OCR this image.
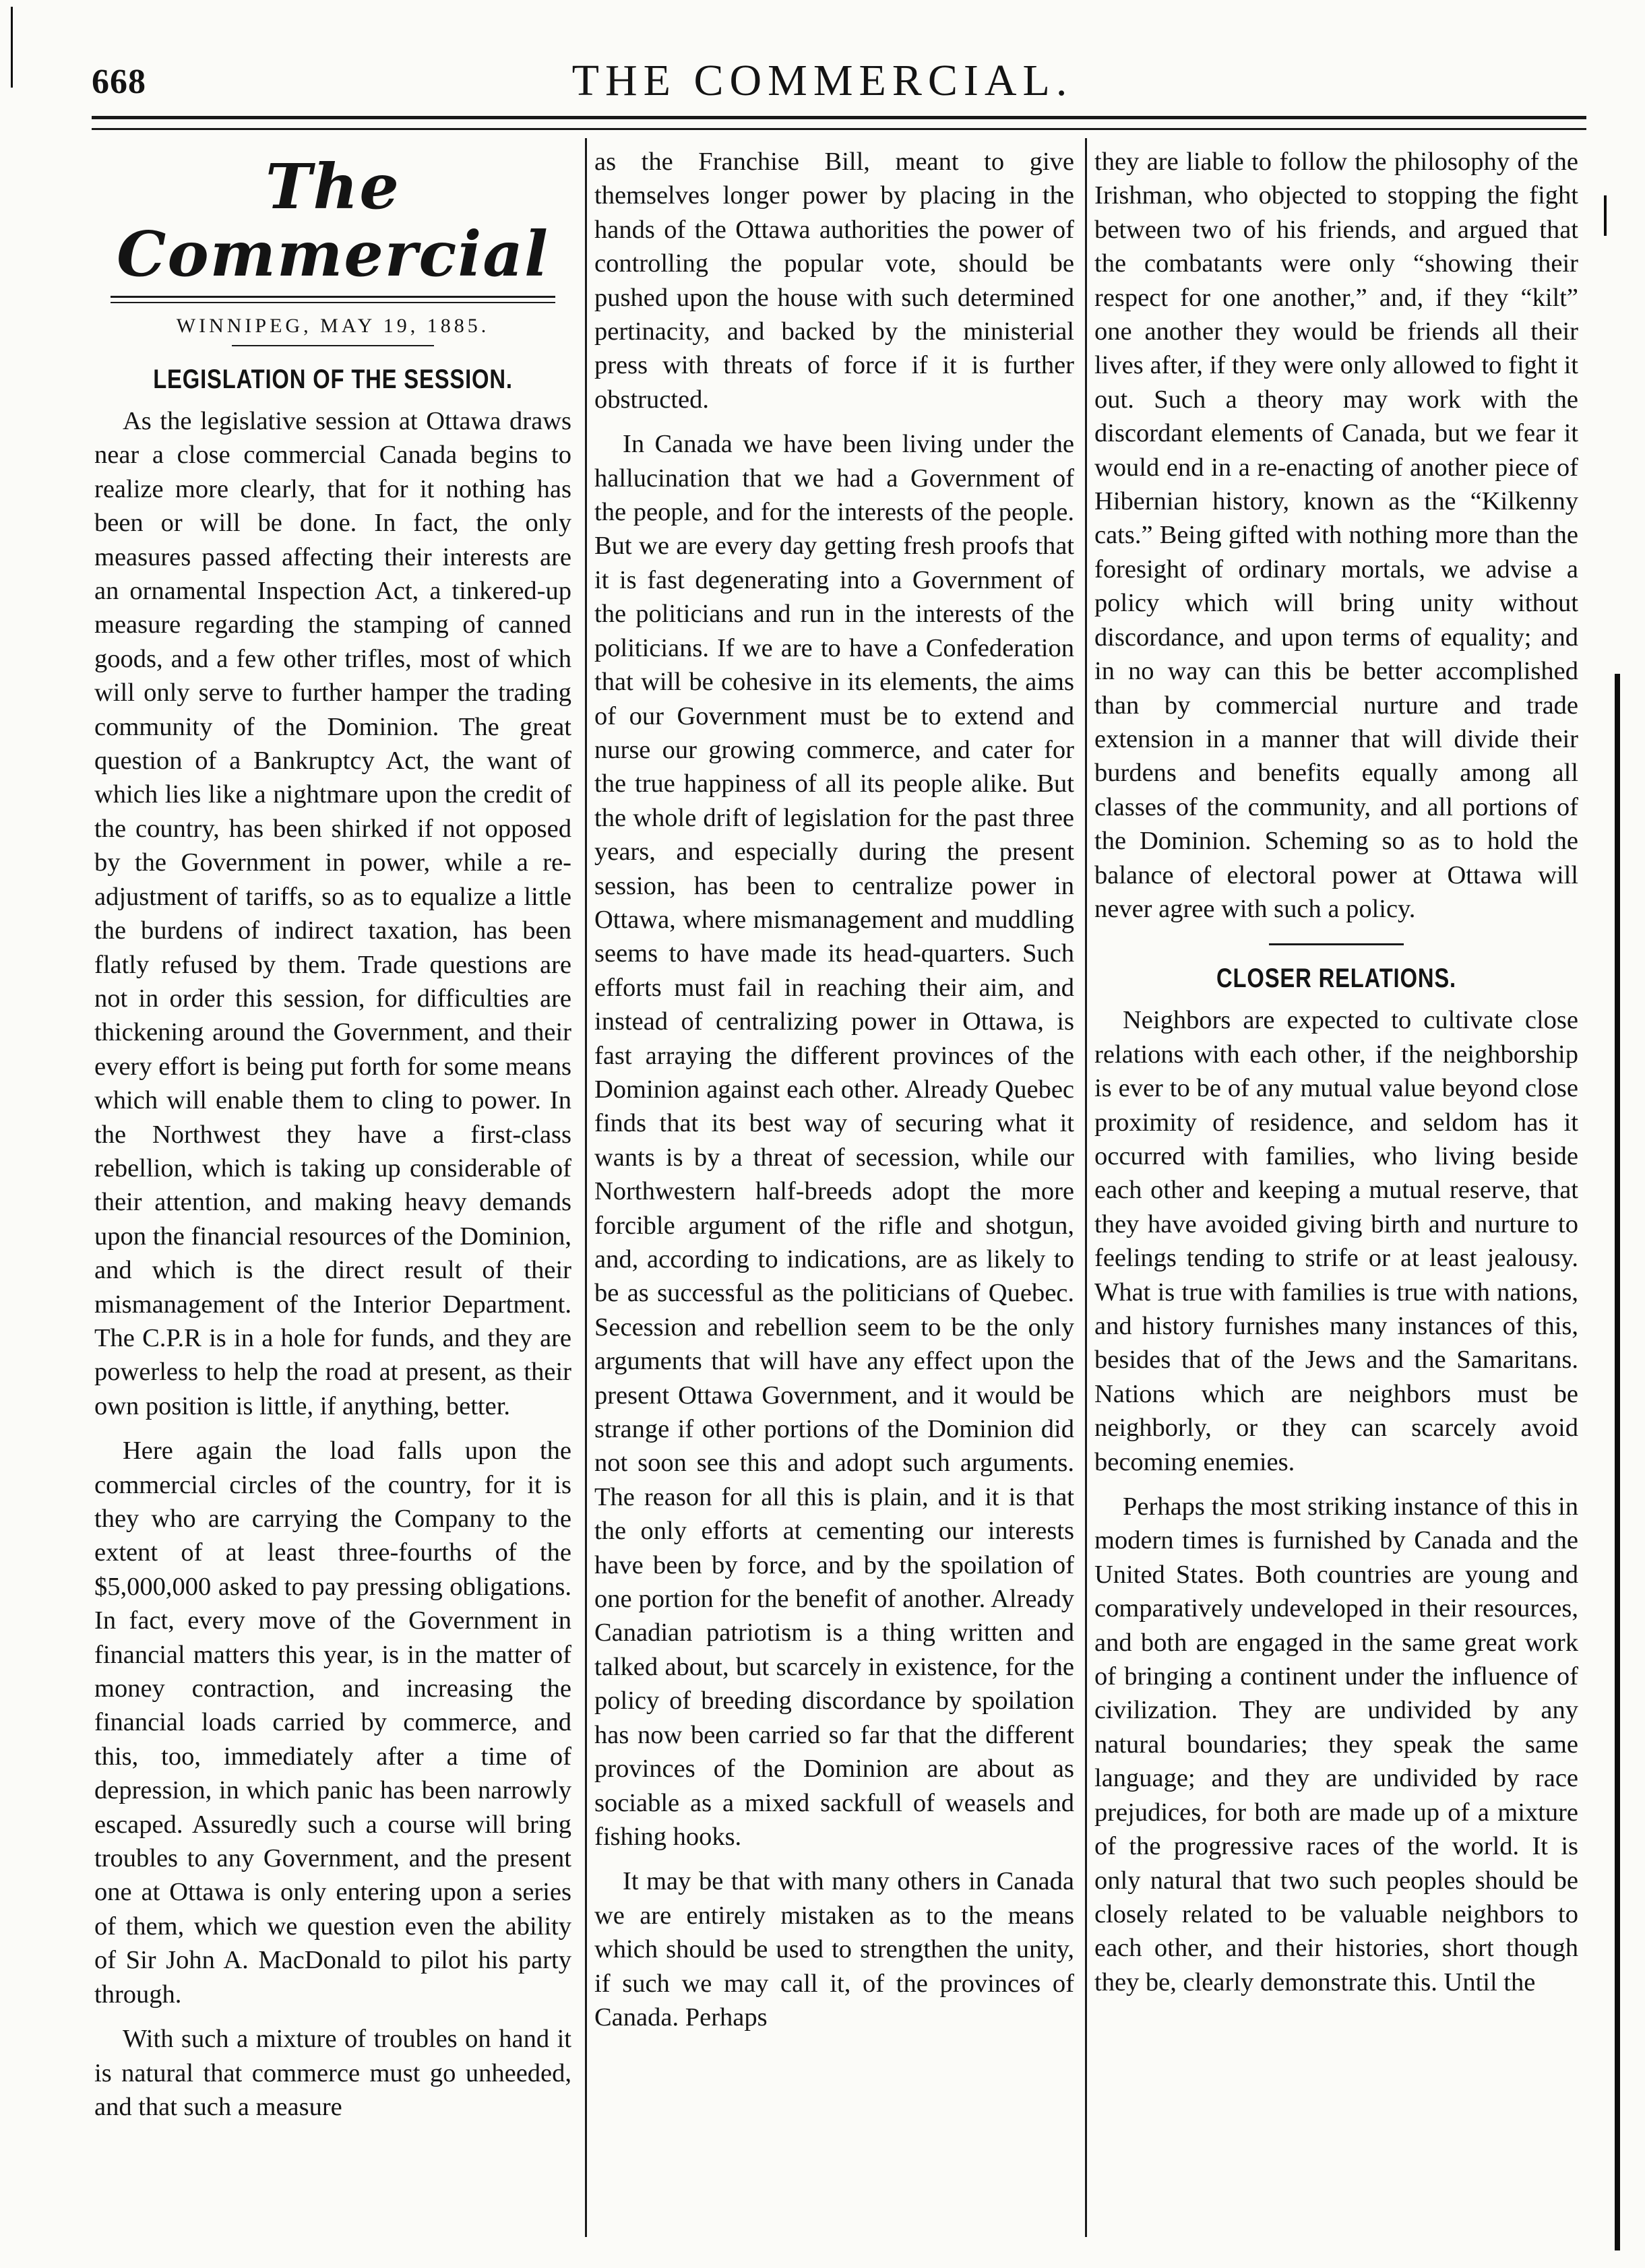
668	THE COMMERCIAL.
The Commercial
WINNIPEG, MAY 19, 1885.
LEGISLATION OF THE SESSION.

As the legislative session at Ottawa draws near a close commercial Canada begins to realize more clearly, that for it nothing has been or will be done. In fact, the only measures passed affecting their interests are an ornamental Inspection Act, a tinkered-up measure regarding the stamping of canned goods, and a few other trifles, most of which will only serve to further hamper the trading community of the Dominion. The great question of a Bankruptcy Act, the want of which lies like a nightmare upon the credit of the country, has been shirked if not opposed by the Government in power, while a re-adjustment of tariffs, so as to equalize a little the burdens of indirect taxation, has been flatly refused by them. Trade questions are not in order this session, for difficulties are thickening around the Government, and their every effort is being put forth for some means which will enable them to cling to power. In the Northwest they have a first-class rebellion, which is taking up considerable of their attention, and making heavy demands upon the financial resources of the Dominion, and which is the direct result of their mismanagement of the Interior Department. The C.P.R is in a hole for funds, and they are powerless to help the road at present, as their own position is little, if anything, better.

Here again the load falls upon the commercial circles of the country, for it is they who are carrying the Company to the extent of at least three-fourths of the $5,000,000 asked to pay pressing obligations. In fact, every move of the Government in financial matters this year, is in the matter of money contraction, and increasing the financial loads carried by commerce, and this, too, immediately after a time of depression, in which panic has been narrowly escaped. Assuredly such a course will bring troubles to any Government, and the present one at Ottawa is only entering upon a series of them, which we question even the ability of Sir John A. MacDonald to pilot his party through.

With such a mixture of troubles on hand it is natural that commerce must go unheeded, and that such a measure

as the Franchise Bill, meant to give themselves longer power by placing in the hands of the Ottawa authorities the power of controlling the popular vote, should be pushed upon the house with such determined pertinacity, and backed by the ministerial press with threats of force if it is further obstructed.

In Canada we have been living under the hallucination that we had a Government of the people, and for the interests of the people. But we are every day getting fresh proofs that it is fast degenerating into a Government of the politicians and run in the interests of the politicians. If we are to have a Confederation that will be cohesive in its elements, the aims of our Government must be to extend and nurse our growing commerce, and cater for the true happiness of all its people alike. But the whole drift of legislation for the past three years, and especially during the present session, has been to centralize power in Ottawa, where mismanagement and muddling seems to have made its head-quarters. Such efforts must fail in reaching their aim, and instead of centralizing power in Ottawa, is fast arraying the different provinces of the Dominion against each other. Already Quebec finds that its best way of securing what it wants is by a threat of secession, while our Northwestern half-breeds adopt the more forcible argument of the rifle and shotgun, and, according to indications, are as likely to be as successful as the politicians of Quebec. Secession and rebellion seem to be the only arguments that will have any effect upon the present Ottawa Government, and it would be strange if other portions of the Dominion did not soon see this and adopt such arguments. The reason for all this is plain, and it is that the only efforts at cementing our interests have been by force, and by the spoilation of one portion for the benefit of another. Already Canadian patriotism is a thing written and talked about, but scarcely in existence, for the policy of breeding discordance by spoilation has now been carried so far that the different provinces of the Dominion are about as sociable as a mixed sackfull of weasels and fishing hooks.

It may be that with many others in Canada we are entirely mistaken as to the means which should be used to strengthen the unity, if such we may call it, of the provinces of Canada. Perhaps

they are liable to follow the philosophy of the Irishman, who objected to stopping the fight between two of his friends, and argued that the combatants were only “showing their respect for one another,” and, if they “kilt” one another they would be friends all their lives after, if they were only allowed to fight it out. Such a theory may work with the discordant elements of Canada, but we fear it would end in a re-enacting of another piece of Hibernian history, known as the “Kilkenny cats.” Being gifted with nothing more than the foresight of ordinary mortals, we advise a policy which will bring unity without discordance, and upon terms of equality; and in no way can this be better accomplished than by commercial nurture and trade extension in a manner that will divide their burdens and benefits equally among all classes of the community, and all portions of the Dominion. Scheming so as to hold the balance of electoral power at Ottawa will never agree with such a policy.

CLOSER RELATIONS.

Neighbors are expected to cultivate close relations with each other, if the neighborship is ever to be of any mutual value beyond close proximity of residence, and seldom has it occurred with families, who living beside each other and keeping a mutual reserve, that they have avoided giving birth and nurture to feelings tending to strife or at least jealousy. What is true with families is true with nations, and history furnishes many instances of this, besides that of the Jews and the Samaritans. Nations which are neighbors must be neighborly, or they can scarcely avoid becoming enemies.

Perhaps the most striking instance of this in modern times is furnished by Canada and the United States. Both countries are young and comparatively undeveloped in their resources, and both are engaged in the same great work of bringing a continent under the influence of civilization. They are undivided by any natural boundaries; they speak the same language; and they are undivided by race prejudices, for both are made up of a mixture of the progressive races of the world. It is only natural that two such peoples should be closely related to be valuable neighbors to each other, and their histories, short though they be, clearly demonstrate this. Until the
